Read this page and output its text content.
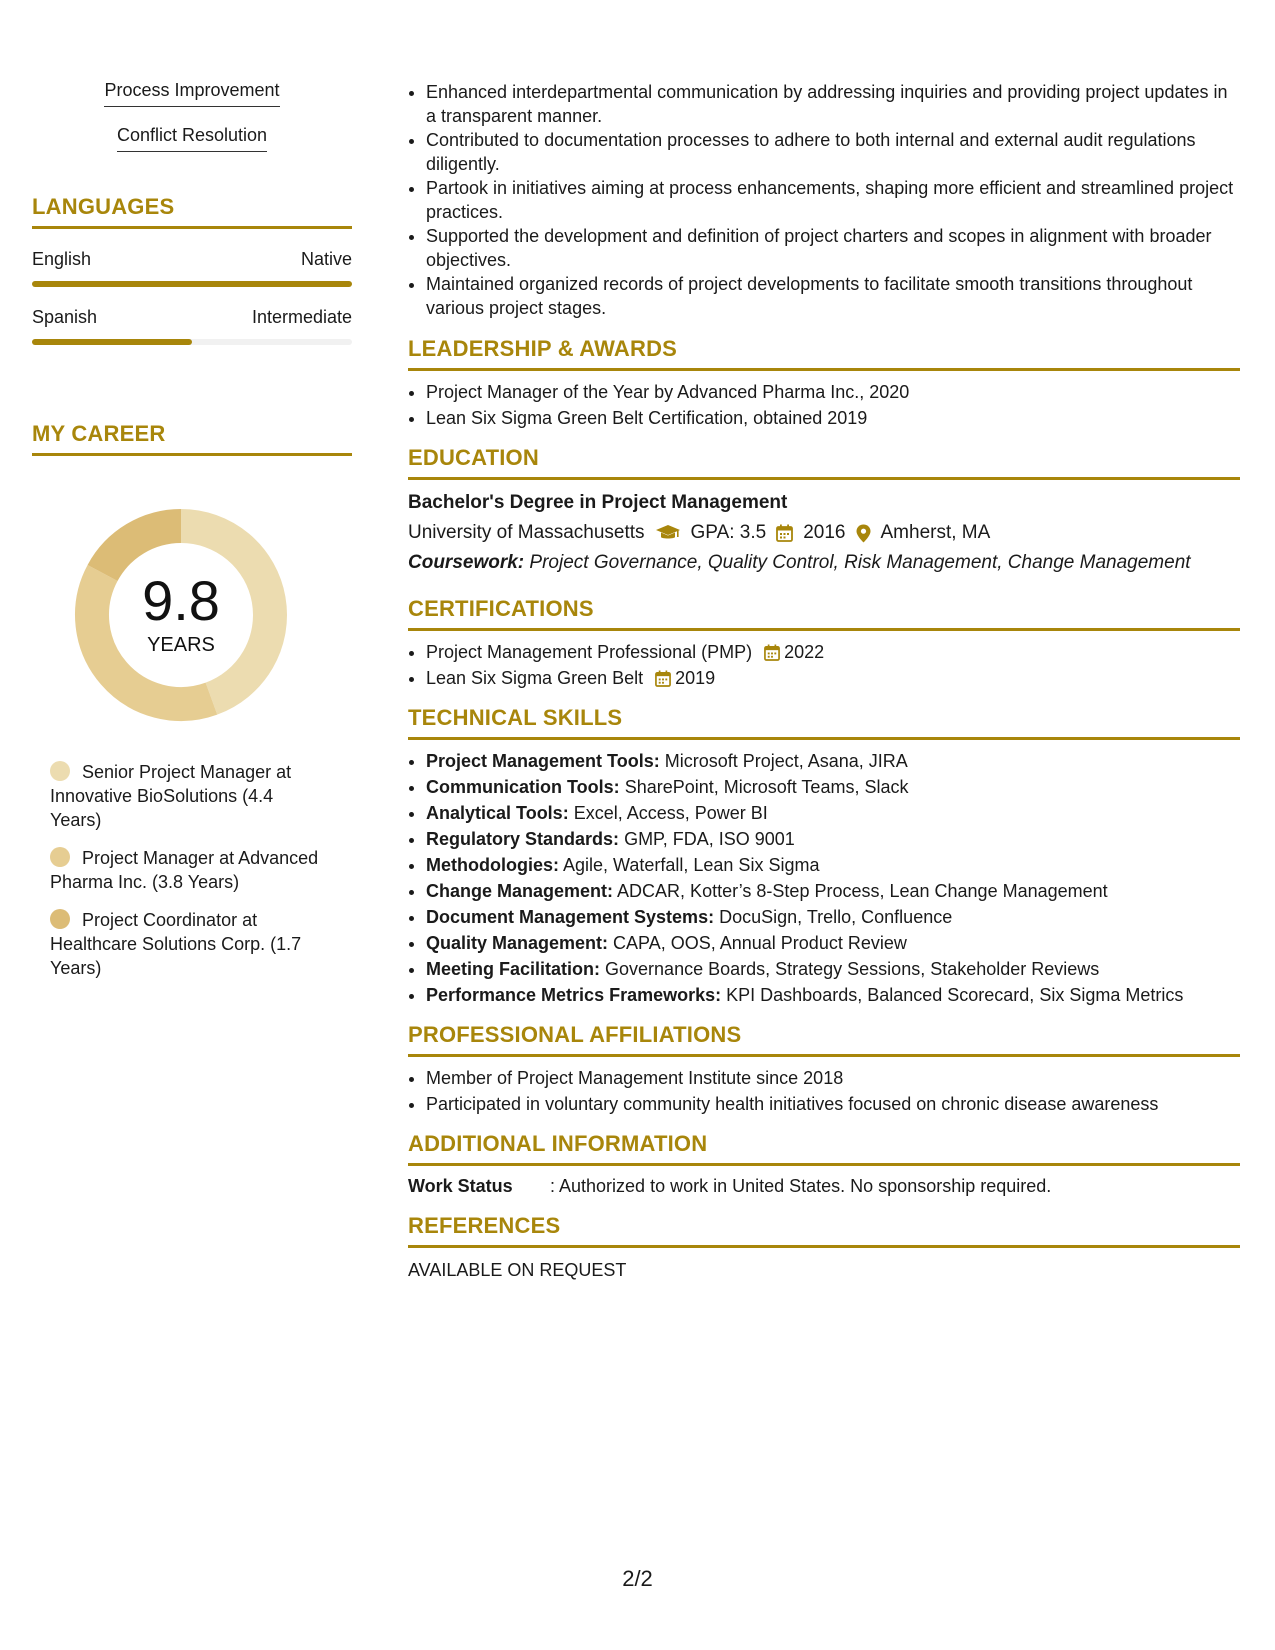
Process Improvement
Conflict Resolution
LANGUAGES
English	Native
Spanish	Intermediate
MY CAREER
9.8
YEARS
Senior Project Manager at Innovative BioSolutions (4.4 Years)
Project Manager at Advanced Pharma Inc. (3.8 Years)
Project Coordinator at Healthcare Solutions Corp. (1.7 Years)
• Enhanced interdepartmental communication by addressing inquiries and providing project updates in a transparent manner.
• Contributed to documentation processes to adhere to both internal and external audit regulations diligently.
• Partook in initiatives aiming at process enhancements, shaping more efficient and streamlined project practices.
• Supported the development and definition of project charters and scopes in alignment with broader objectives.
• Maintained organized records of project developments to facilitate smooth transitions throughout various project stages.
LEADERSHIP & AWARDS
• Project Manager of the Year by Advanced Pharma Inc., 2020
• Lean Six Sigma Green Belt Certification, obtained 2019
EDUCATION
Bachelor's Degree in Project Management
University of Massachusetts GPA: 3.5 2016 Amherst, MA
Coursework: Project Governance, Quality Control, Risk Management, Change Management
CERTIFICATIONS
• Project Management Professional (PMP) 2022
• Lean Six Sigma Green Belt 2019
TECHNICAL SKILLS
• Project Management Tools: Microsoft Project, Asana, JIRA
• Communication Tools: SharePoint, Microsoft Teams, Slack
• Analytical Tools: Excel, Access, Power BI
• Regulatory Standards: GMP, FDA, ISO 9001
• Methodologies: Agile, Waterfall, Lean Six Sigma
• Change Management: ADCAR, Kotter’s 8-Step Process, Lean Change Management
• Document Management Systems: DocuSign, Trello, Confluence
• Quality Management: CAPA, OOS, Annual Product Review
• Meeting Facilitation: Governance Boards, Strategy Sessions, Stakeholder Reviews
• Performance Metrics Frameworks: KPI Dashboards, Balanced Scorecard, Six Sigma Metrics
PROFESSIONAL AFFILIATIONS
• Member of Project Management Institute since 2018
• Participated in voluntary community health initiatives focused on chronic disease awareness
ADDITIONAL INFORMATION
Work Status	: Authorized to work in United States. No sponsorship required.
REFERENCES
AVAILABLE ON REQUEST
2/2
